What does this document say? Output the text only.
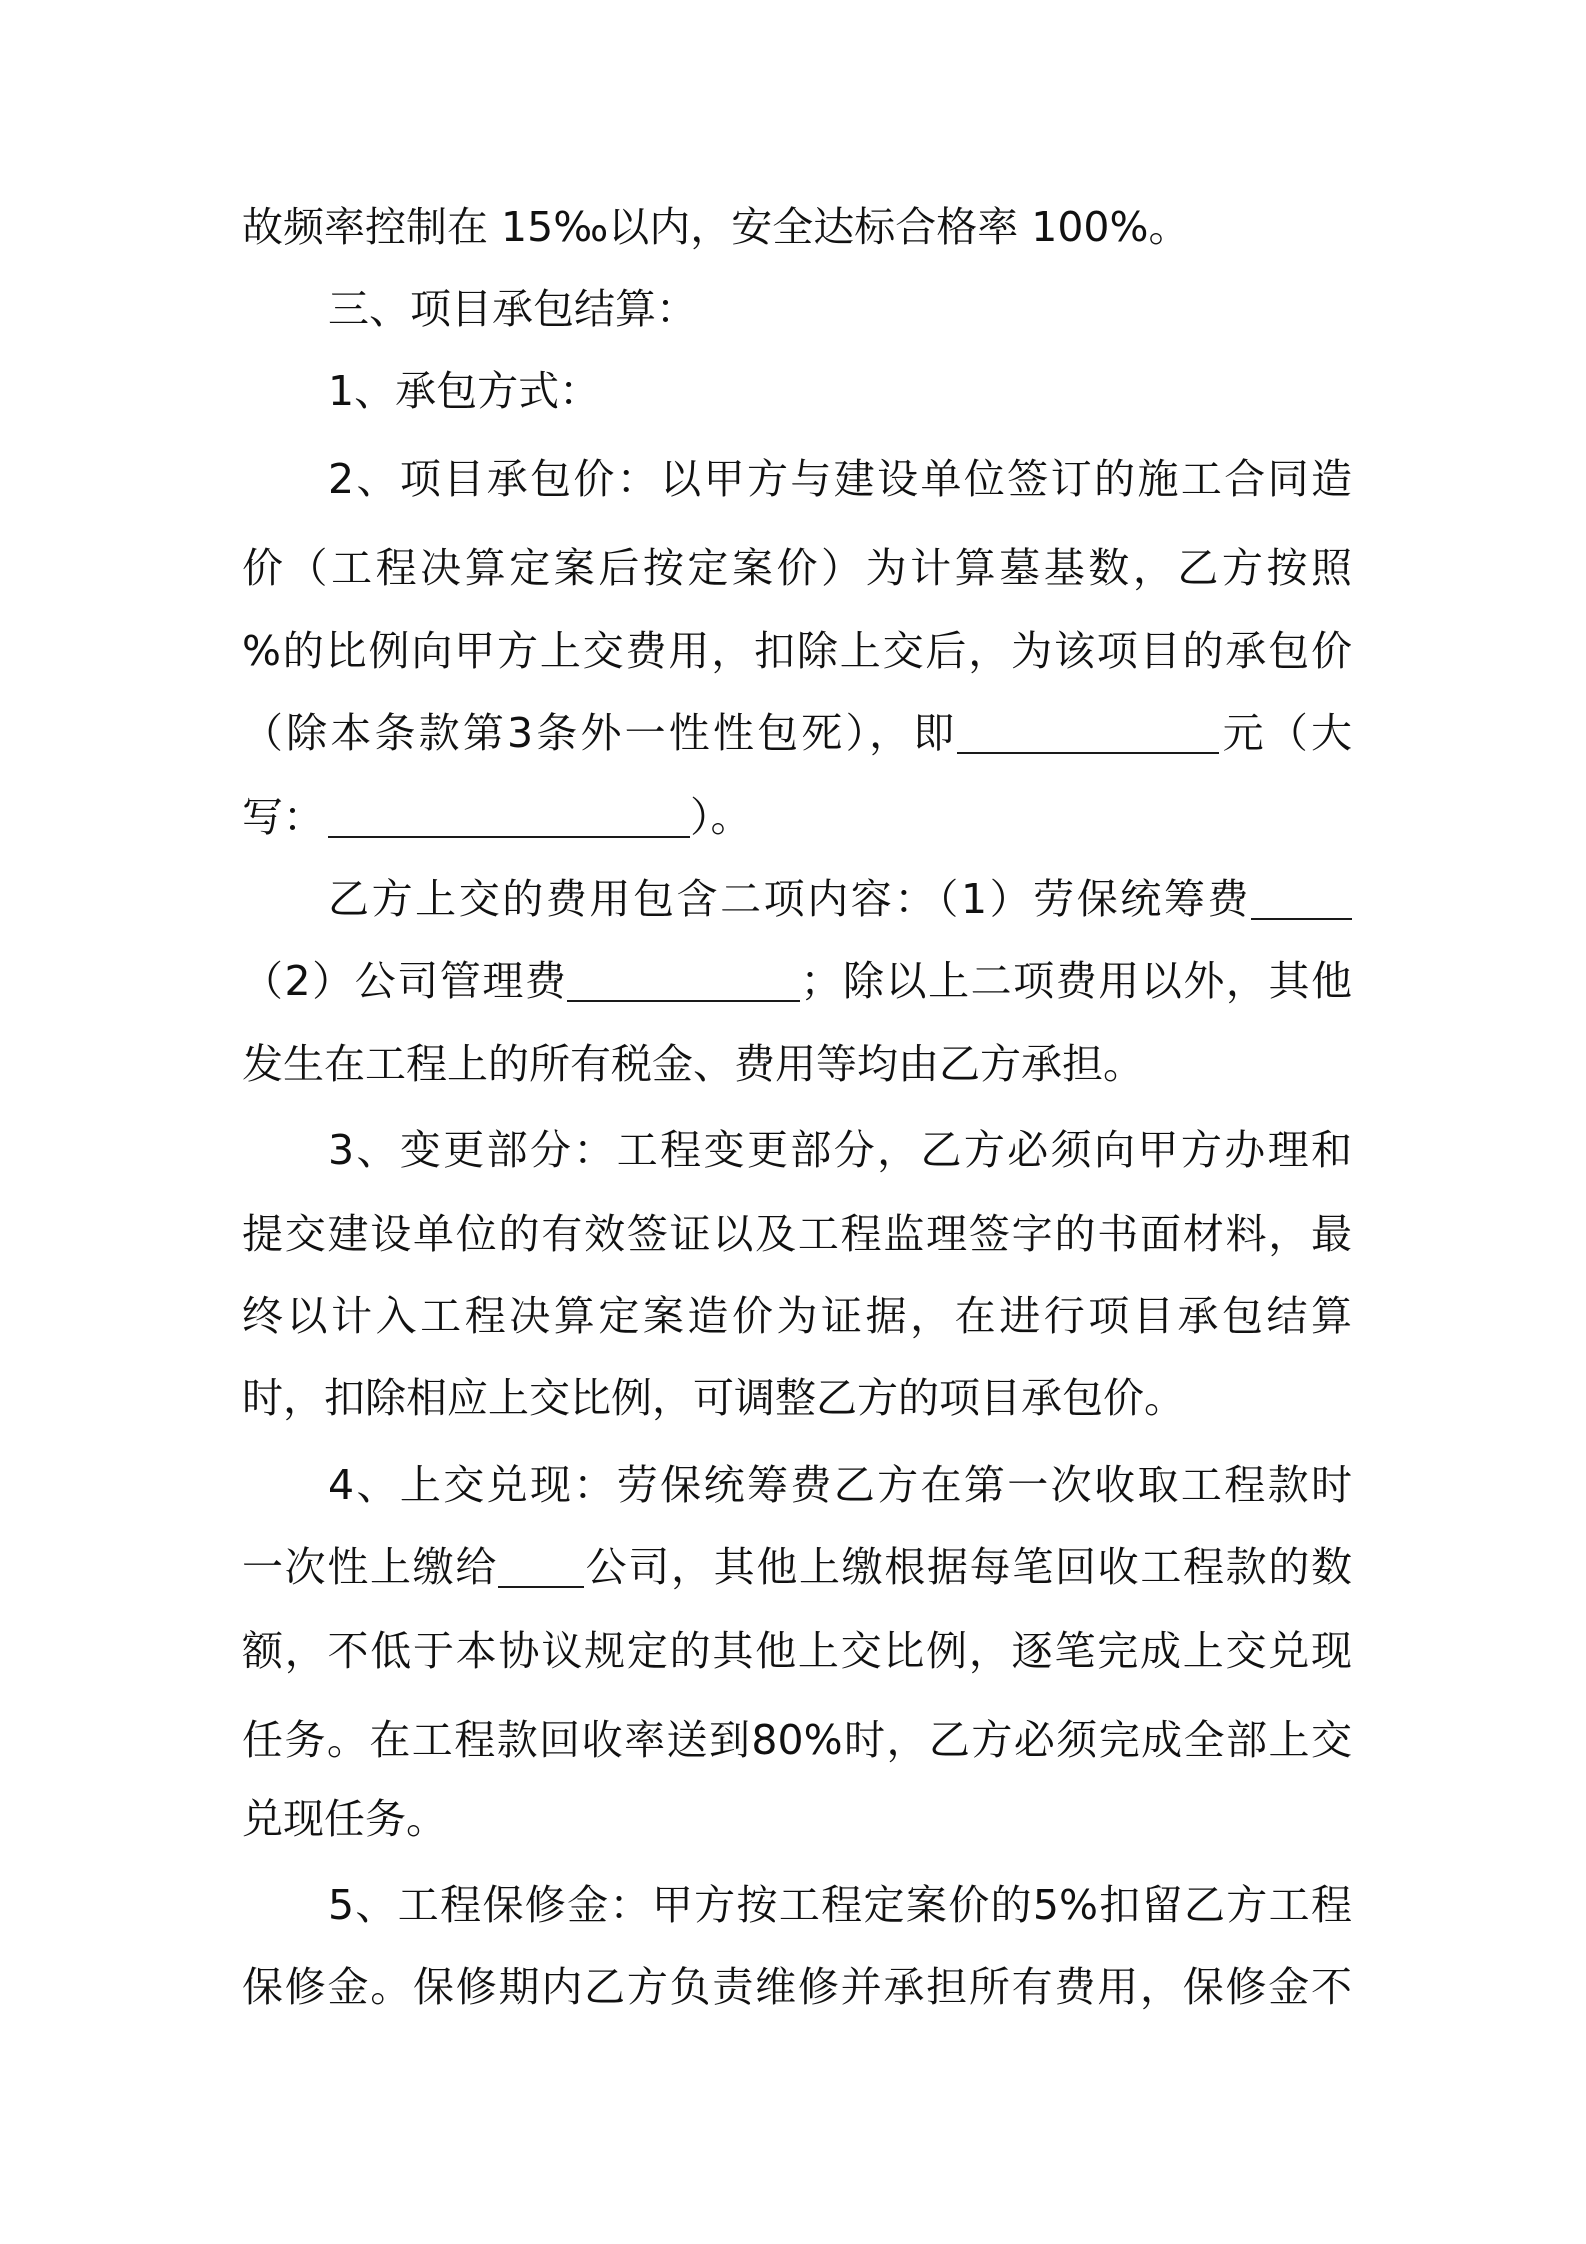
故频率控制在 15‰以内，安全达标合格率 100%。
三、项目承包结算：
1、承包方式：
2、项目承包价：以甲方与建设单位签订的施工合同造
价（工程决算定案后按定案价）为计算墓基数，乙方按照
%的比例向甲方上交费用，扣除上交后，为该项目的承包价
（除本条款第3条外一性性包死），即	元（大
写：	）。
乙方上交的费用包含二项内容：（1）劳保统筹费
（2）公司管理费	；除以上二项费用以外，其他
发生在工程上的所有税金、费用等均由乙方承担。
3、变更部分：工程变更部分，乙方必须向甲方办理和
提交建设单位的有效签证以及工程监理签字的书面材料，最
终以计入工程决算定案造价为证据，在进行项目承包结算
时，扣除相应上交比例，可调整乙方的项目承包价。
4、上交兑现：劳保统筹费乙方在第一次收取工程款时
一次性上缴给 公司，其他上缴根据每笔回收工程款的数
额，不低于本协议规定的其他上交比例，逐笔完成上交兑现
任务。在工程款回收率送到80%时，乙方必须完成全部上交
兑现任务。
5、工程保修金：甲方按工程定案价的5%扣留乙方工程
保修金。保修期内乙方负责维修并承担所有费用，保修金不
